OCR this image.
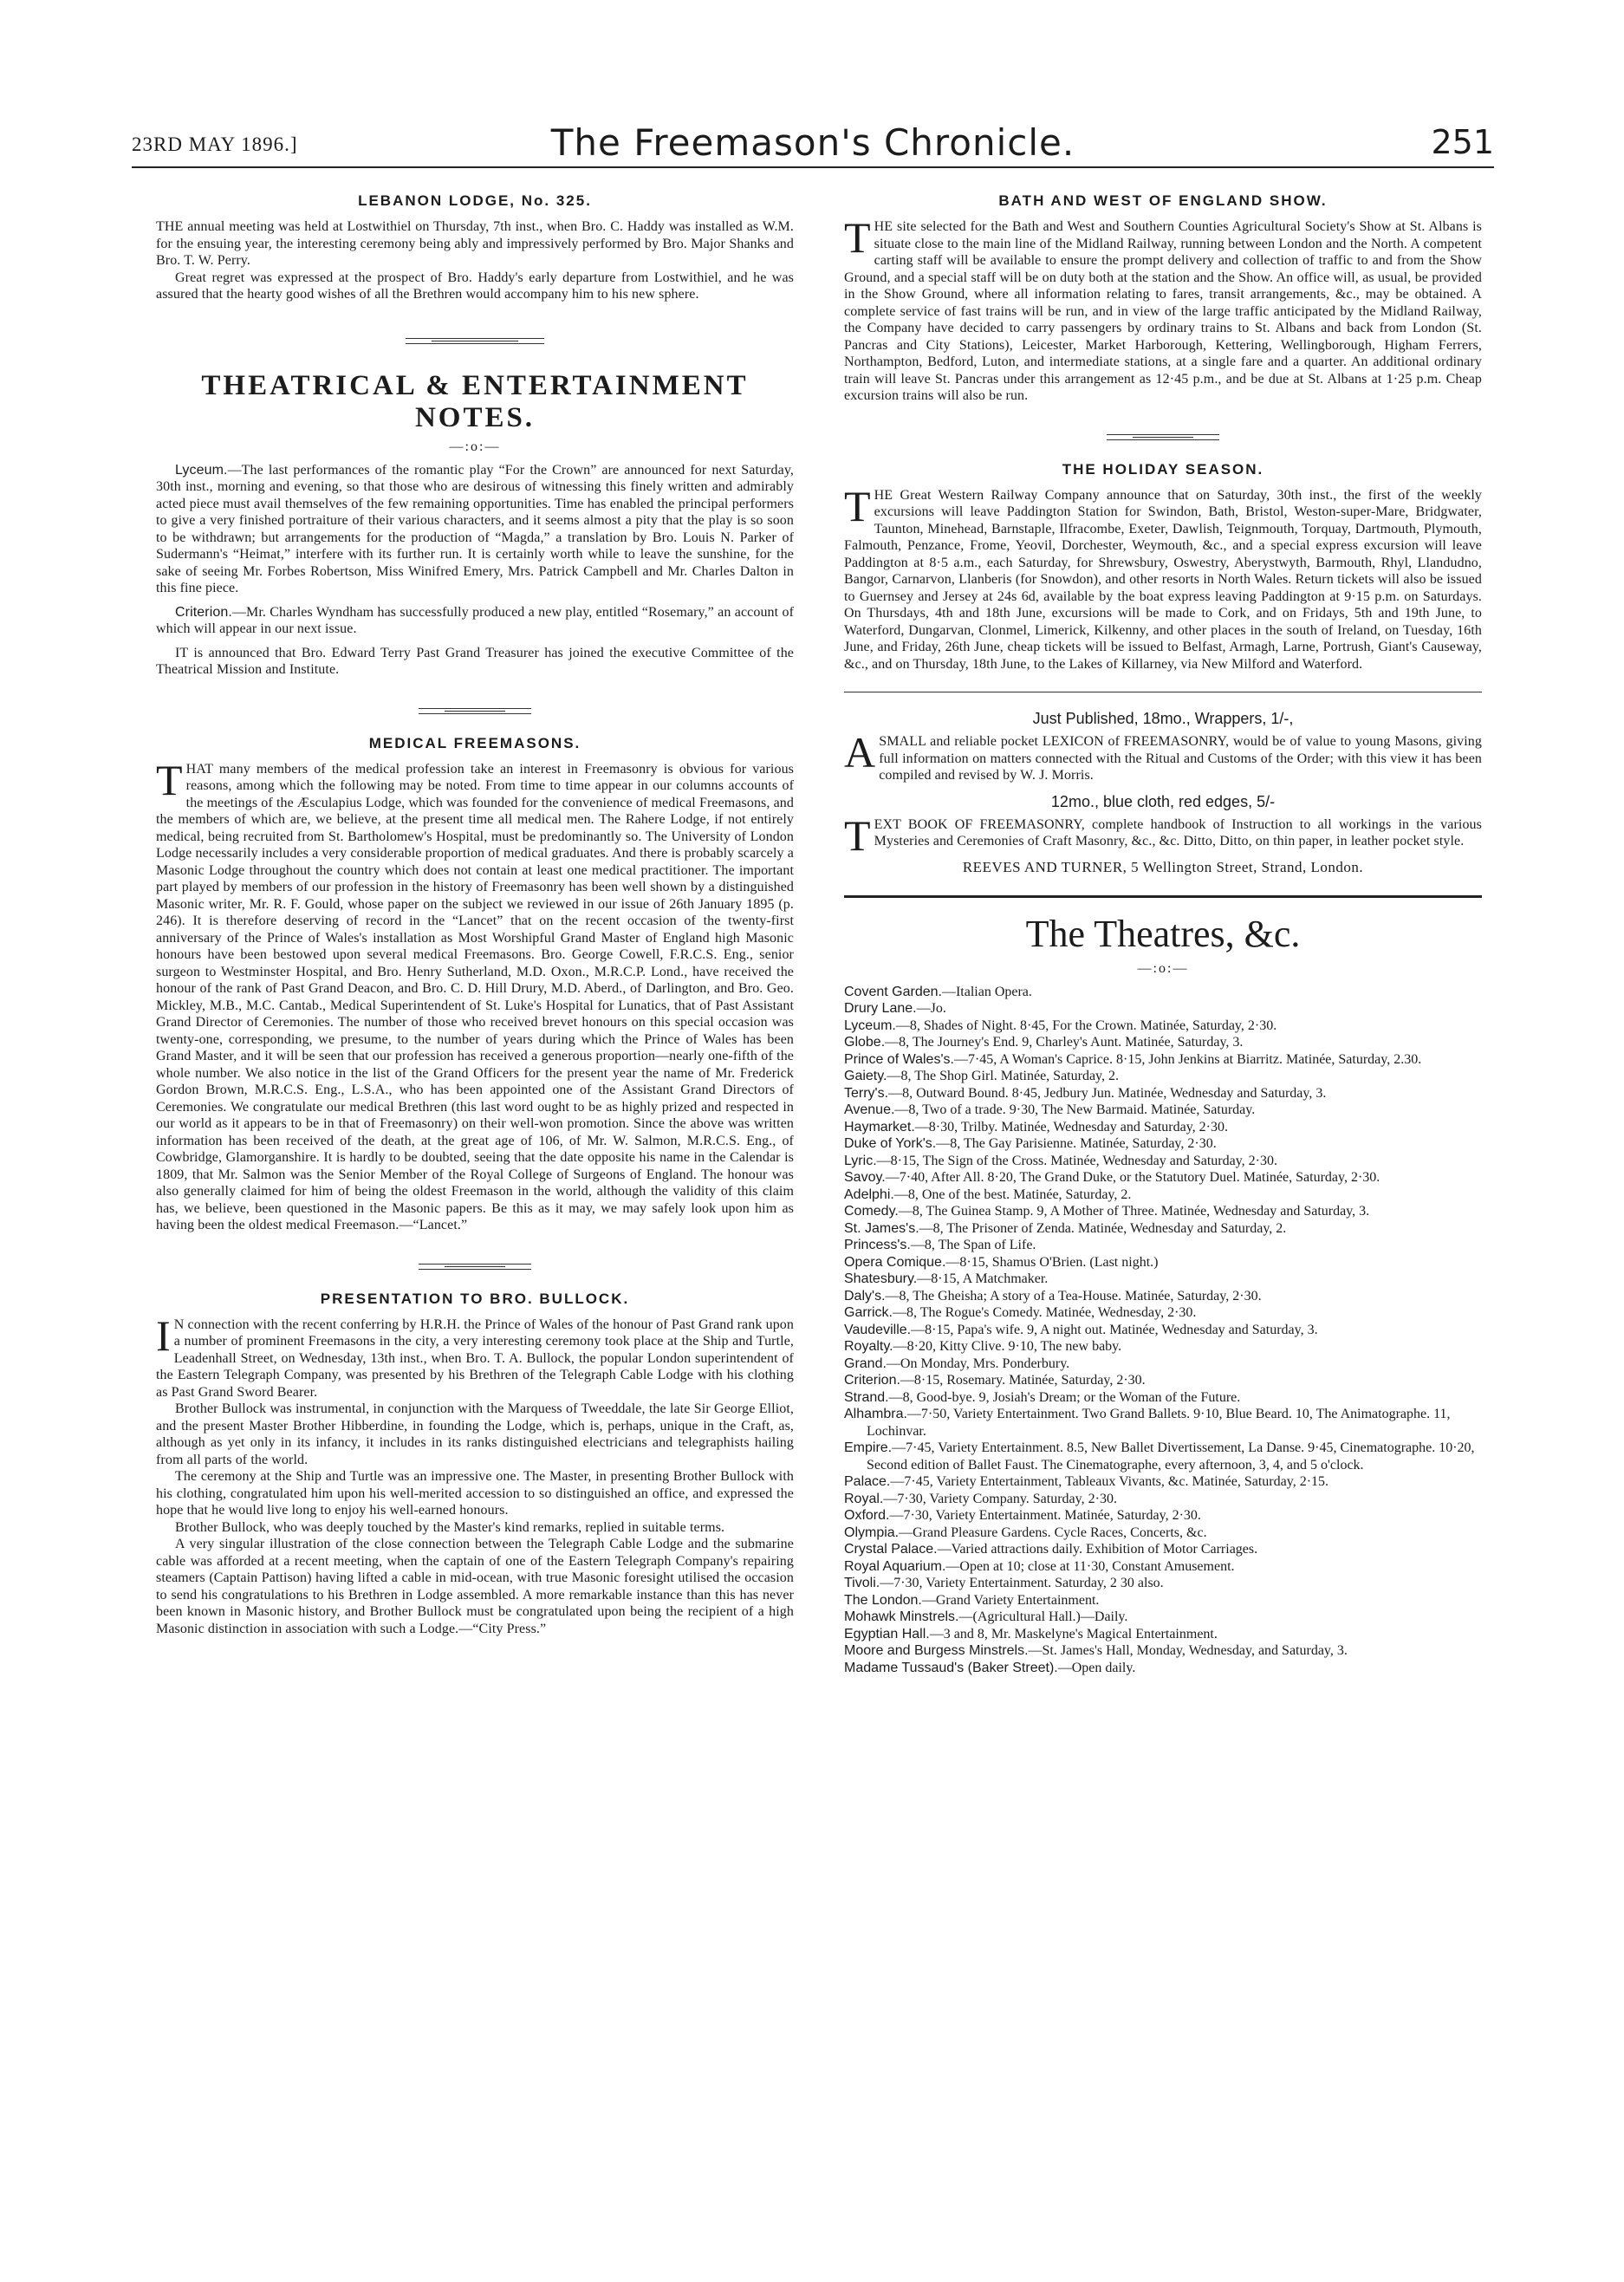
23RD MAY 1896.]	The Freemason's Chronicle.	251
LEBANON LODGE, No. 325.

THE annual meeting was held at Lostwithiel on Thursday, 7th inst., when Bro. C. Haddy was installed as W.M. for the ensuing year, the interesting ceremony being ably and impressively performed by Bro. Major Shanks and Bro. T. W. Perry.

Great regret was expressed at the prospect of Bro. Haddy's early departure from Lostwithiel, and he was assured that the hearty good wishes of all the Brethren would accompany him to his new sphere.

THEATRICAL & ENTERTAINMENT NOTES.
—:o:—

Lyceum.—The last performances of the romantic play “For the Crown” are announced for next Saturday, 30th inst., morning and evening, so that those who are desirous of witnessing this finely written and admirably acted piece must avail themselves of the few remaining opportunities. Time has enabled the principal performers to give a very finished portraiture of their various characters, and it seems almost a pity that the play is so soon to be withdrawn; but arrangements for the production of “Magda,” a translation by Bro. Louis N. Parker of Sudermann's “Heimat,” interfere with its further run. It is certainly worth while to leave the sunshine, for the sake of seeing Mr. Forbes Robertson, Miss Winifred Emery, Mrs. Patrick Campbell and Mr. Charles Dalton in this fine piece.

Criterion.—Mr. Charles Wyndham has successfully produced a new play, entitled “Rosemary,” an account of which will appear in our next issue.

IT is announced that Bro. Edward Terry Past Grand Treasurer has joined the executive Committee of the Theatrical Mission and Institute.

MEDICAL FREEMASONS.

THAT many members of the medical profession take an interest in Freemasonry is obvious for various reasons, among which the following may be noted. From time to time appear in our columns accounts of the meetings of the Æsculapius Lodge, which was founded for the convenience of medical Freemasons, and the members of which are, we believe, at the present time all medical men. The Rahere Lodge, if not entirely medical, being recruited from St. Bartholomew's Hospital, must be predominantly so. The University of London Lodge necessarily includes a very considerable proportion of medical graduates. And there is probably scarcely a Masonic Lodge throughout the country which does not contain at least one medical practitioner. The important part played by members of our profession in the history of Freemasonry has been well shown by a distinguished Masonic writer, Mr. R. F. Gould, whose paper on the subject we reviewed in our issue of 26th January 1895 (p. 246). It is therefore deserving of record in the “Lancet” that on the recent occasion of the twenty-first anniversary of the Prince of Wales's installation as Most Worshipful Grand Master of England high Masonic honours have been bestowed upon several medical Freemasons. Bro. George Cowell, F.R.C.S. Eng., senior surgeon to Westminster Hospital, and Bro. Henry Sutherland, M.D. Oxon., M.R.C.P. Lond., have received the honour of the rank of Past Grand Deacon, and Bro. C. D. Hill Drury, M.D. Aberd., of Darlington, and Bro. Geo. Mickley, M.B., M.C. Cantab., Medical Superintendent of St. Luke's Hospital for Lunatics, that of Past Assistant Grand Director of Ceremonies. The number of those who received brevet honours on this special occasion was twenty-one, corresponding, we presume, to the number of years during which the Prince of Wales has been Grand Master, and it will be seen that our profession has received a generous proportion—nearly one-fifth of the whole number. We also notice in the list of the Grand Officers for the present year the name of Mr. Frederick Gordon Brown, M.R.C.S. Eng., L.S.A., who has been appointed one of the Assistant Grand Directors of Ceremonies. We congratulate our medical Brethren (this last word ought to be as highly prized and respected in our world as it appears to be in that of Freemasonry) on their well-won promotion. Since the above was written information has been received of the death, at the great age of 106, of Mr. W. Salmon, M.R.C.S. Eng., of Cowbridge, Glamorganshire. It is hardly to be doubted, seeing that the date opposite his name in the Calendar is 1809, that Mr. Salmon was the Senior Member of the Royal College of Surgeons of England. The honour was also generally claimed for him of being the oldest Freemason in the world, although the validity of this claim has, we believe, been questioned in the Masonic papers. Be this as it may, we may safely look upon him as having been the oldest medical Freemason.—“Lancet.”

PRESENTATION TO BRO. BULLOCK.

I N connection with the recent conferring by H.R.H. the Prince of Wales of the honour of Past Grand rank upon a number of prominent Freemasons in the city, a very interesting ceremony took place at the Ship and Turtle, Leadenhall Street, on Wednesday, 13th inst., when Bro. T. A. Bullock, the popular London superintendent of the Eastern Telegraph Company, was presented by his Brethren of the Telegraph Cable Lodge with his clothing as Past Grand Sword Bearer.

Brother Bullock was instrumental, in conjunction with the Marquess of Tweeddale, the late Sir George Elliot, and the present Master Brother Hibberdine, in founding the Lodge, which is, perhaps, unique in the Craft, as, although as yet only in its infancy, it includes in its ranks distinguished electricians and telegraphists hailing from all parts of the world.

The ceremony at the Ship and Turtle was an impressive one. The Master, in presenting Brother Bullock with his clothing, congratulated him upon his well-merited accession to so distinguished an office, and expressed the hope that he would live long to enjoy his well-earned honours.

Brother Bullock, who was deeply touched by the Master's kind remarks, replied in suitable terms.

A very singular illustration of the close connection between the Telegraph Cable Lodge and the submarine cable was afforded at a recent meeting, when the captain of one of the Eastern Telegraph Company's repairing steamers (Captain Pattison) having lifted a cable in mid-ocean, with true Masonic foresight utilised the occasion to send his congratulations to his Brethren in Lodge assembled. A more remarkable instance than this has never been known in Masonic history, and Brother Bullock must be congratulated upon being the recipient of a high Masonic distinction in association with such a Lodge.—“City Press.”

BATH AND WEST OF ENGLAND SHOW.

THE site selected for the Bath and West and Southern Counties Agricultural Society's Show at St. Albans is situate close to the main line of the Midland Railway, running between London and the North. A competent carting staff will be available to ensure the prompt delivery and collection of traffic to and from the Show Ground, and a special staff will be on duty both at the station and the Show. An office will, as usual, be provided in the Show Ground, where all information relating to fares, transit arrangements, &c., may be obtained. A complete service of fast trains will be run, and in view of the large traffic anticipated by the Midland Railway, the Company have decided to carry passengers by ordinary trains to St. Albans and back from London (St. Pancras and City Stations), Leicester, Market Harborough, Kettering, Wellingborough, Higham Ferrers, Northampton, Bedford, Luton, and intermediate stations, at a single fare and a quarter. An additional ordinary train will leave St. Pancras under this arrangement as 12·45 p.m., and be due at St. Albans at 1·25 p.m. Cheap excursion trains will also be run.

THE HOLIDAY SEASON.

THE Great Western Railway Company announce that on Saturday, 30th inst., the first of the weekly excursions will leave Paddington Station for Swindon, Bath, Bristol, Weston-super-Mare, Bridgwater, Taunton, Minehead, Barnstaple, Ilfracombe, Exeter, Dawlish, Teignmouth, Torquay, Dartmouth, Plymouth, Falmouth, Penzance, Frome, Yeovil, Dorchester, Weymouth, &c., and a special express excursion will leave Paddington at 8·5 a.m., each Saturday, for Shrewsbury, Oswestry, Aberystwyth, Barmouth, Rhyl, Llandudno, Bangor, Carnarvon, Llanberis (for Snowdon), and other resorts in North Wales. Return tickets will also be issued to Guernsey and Jersey at 24s 6d, available by the boat express leaving Paddington at 9·15 p.m. on Saturdays. On Thursdays, 4th and 18th June, excursions will be made to Cork, and on Fridays, 5th and 19th June, to Waterford, Dungarvan, Clonmel, Limerick, Kilkenny, and other places in the south of Ireland, on Tuesday, 16th June, and Friday, 26th June, cheap tickets will be issued to Belfast, Armagh, Larne, Portrush, Giant's Causeway, &c., and on Thursday, 18th June, to the Lakes of Killarney, via New Milford and Waterford.

Just Published, 18mo., Wrappers, 1/-,

ASMALL and reliable pocket LEXICON of FREEMASONRY, would be of value to young Masons, giving full information on matters connected with the Ritual and Customs of the Order; with this view it has been compiled and revised by W. J. Morris.

12mo., blue cloth, red edges, 5/-

TEXT BOOK OF FREEMASONRY, complete handbook of Instruction to all workings in the various Mysteries and Ceremonies of Craft Masonry, &c., &c. Ditto, Ditto, on thin paper, in leather pocket style.

REEVES AND TURNER, 5 Wellington Street, Strand, London.
The Theatres, &c.
—:o:—
Covent Garden.—Italian Opera.
Drury Lane.—Jo.
Lyceum.—8, Shades of Night. 8·45, For the Crown. Matinée, Saturday, 2·30.
Globe.—8, The Journey's End. 9, Charley's Aunt. Matinée, Saturday, 3.
Prince of Wales's.—7·45, A Woman's Caprice. 8·15, John Jenkins at Biarritz. Matinée, Saturday, 2.30.
Gaiety.—8, The Shop Girl. Matinée, Saturday, 2.
Terry's.—8, Outward Bound. 8·45, Jedbury Jun. Matinée, Wednesday and Saturday, 3.
Avenue.—8, Two of a trade. 9·30, The New Barmaid. Matinée, Saturday.
Haymarket.—8·30, Trilby. Matinée, Wednesday and Saturday, 2·30.
Duke of York's.—8, The Gay Parisienne. Matinée, Saturday, 2·30.
Lyric.—8·15, The Sign of the Cross. Matinée, Wednesday and Saturday, 2·30.
Savoy.—7·40, After All. 8·20, The Grand Duke, or the Statutory Duel. Matinée, Saturday, 2·30.
Adelphi.—8, One of the best. Matinée, Saturday, 2.
Comedy.—8, The Guinea Stamp. 9, A Mother of Three. Matinée, Wednesday and Saturday, 3.
St. James's.—8, The Prisoner of Zenda. Matinée, Wednesday and Saturday, 2.
Princess's.—8, The Span of Life.
Opera Comique.—8·15, Shamus O'Brien. (Last night.)
Shatesbury.—8·15, A Matchmaker.
Daly's.—8, The Gheisha; A story of a Tea-House. Matinée, Saturday, 2·30.
Garrick.—8, The Rogue's Comedy. Matinée, Wednesday, 2·30.
Vaudeville.—8·15, Papa's wife. 9, A night out. Matinée, Wednesday and Saturday, 3.
Royalty.—8·20, Kitty Clive. 9·10, The new baby.
Grand.—On Monday, Mrs. Ponderbury.
Criterion.—8·15, Rosemary. Matinée, Saturday, 2·30.
Strand.—8, Good-bye. 9, Josiah's Dream; or the Woman of the Future.
Alhambra.—7·50, Variety Entertainment. Two Grand Ballets. 9·10, Blue Beard. 10, The Animatographe. 11, Lochinvar.
Empire.—7·45, Variety Entertainment. 8.5, New Ballet Divertissement, La Danse. 9·45, Cinematographe. 10·20, Second edition of Ballet Faust. The Cinematographe, every afternoon, 3, 4, and 5 o'clock.
Palace.—7·45, Variety Entertainment, Tableaux Vivants, &c. Matinée, Saturday, 2·15.
Royal.—7·30, Variety Company. Saturday, 2·30.
Oxford.—7·30, Variety Entertainment. Matinée, Saturday, 2·30.
Olympia.—Grand Pleasure Gardens. Cycle Races, Concerts, &c.
Crystal Palace.—Varied attractions daily. Exhibition of Motor Carriages.
Royal Aquarium.—Open at 10; close at 11·30, Constant Amusement.
Tivoli.—7·30, Variety Entertainment. Saturday, 2 30 also.
The London.—Grand Variety Entertainment.
Mohawk Minstrels.—(Agricultural Hall.)—Daily.
Egyptian Hall.—3 and 8, Mr. Maskelyne's Magical Entertainment.
Moore and Burgess Minstrels.—St. James's Hall, Monday, Wednesday, and Saturday, 3.
Madame Tussaud's (Baker Street).—Open daily.
